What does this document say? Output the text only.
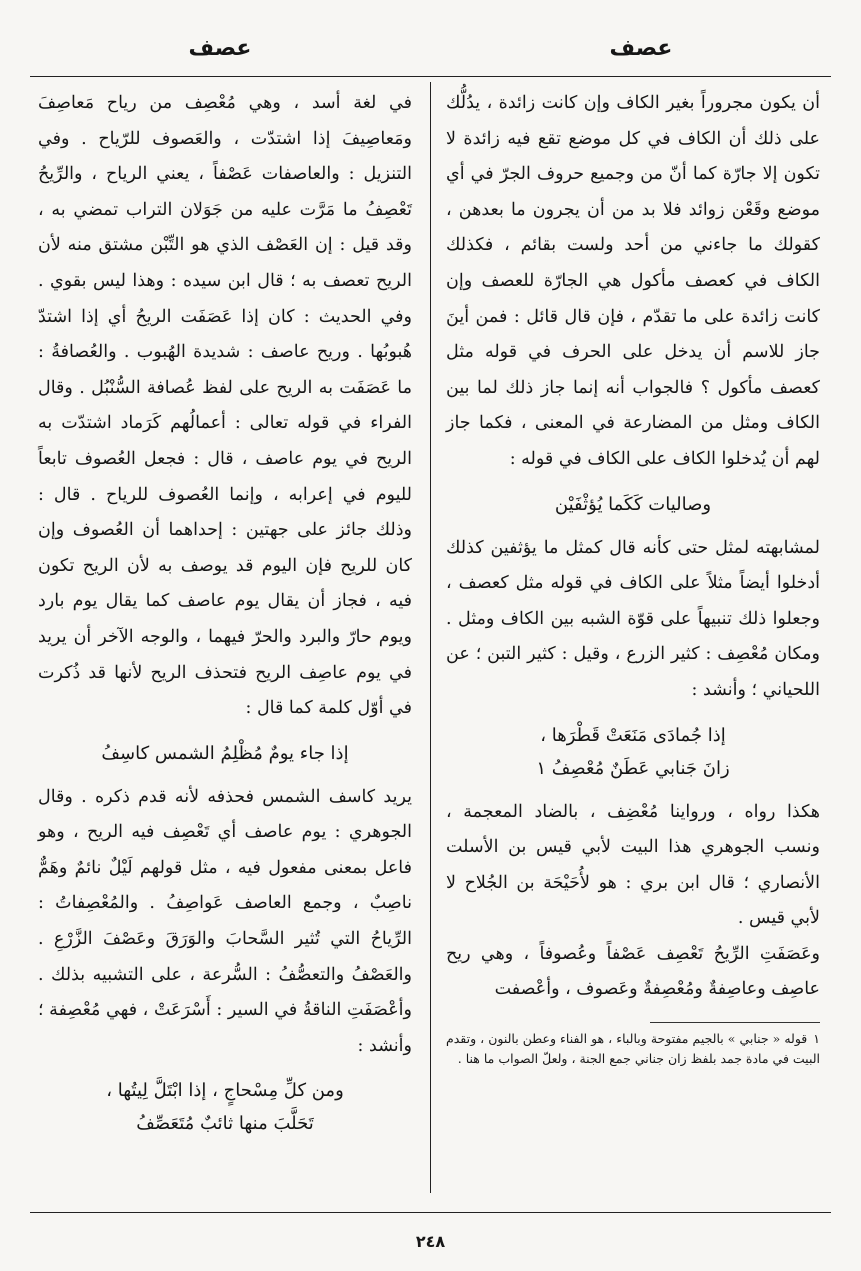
عصف
عصف

أن يكون مجروراً بغير الكاف وإن كانت زائدة ، يدُلُّك على ذلك أن الكاف في كل موضع تقع فيه زائدة لا تكون إلا جارّة كما أنّ من وجميع حروف الجرّ في أي موضع وقَعْن زوائد فلا بد من أن يجرون ما بعدهن ، كقولك ما جاءني من أحد ولست بقائم ، فكذلك الكاف في كعصف مأكول هي الجارّة للعصف وإن كانت زائدة على ما تقدّم ، فإن قال قائل : فمن أينَ جاز للاسم أن يدخل على الحرف في قوله مثل كعصف مأكول ؟ فالجواب أنه إنما جاز ذلك لما بين الكاف ومثل من المضارعة في المعنى ، فكما جاز لهم أن يُدخلوا الكاف على الكاف في قوله :

وصاليات كَكَما يُؤثْفَيْن

لمشابهته لمثل حتى كأنه قال كمثل ما يؤثفين كذلك أدخلوا أيضاً مثلاً على الكاف في قوله مثل كعصف ، وجعلوا ذلك تنبيهاً على قوّة الشبه بين الكاف ومثل . ومكان مُعْصِف : كثير الزرع ، وقيل : كثير التبن ؛ عن اللحياني ؛ وأنشد :

إذا جُمادَى مَنَعَتْ قَطْرَها ،
زانَ جَنابي عَطَنٌ مُعْصِفُ ١

هكذا رواه ، ورواينا مُعْضِف ، بالضاد المعجمة ، ونسب الجوهري هذا البيت لأبي قيس بن الأسلت الأنصاري ؛ قال ابن بري : هو لأُحَيْحَة بن الجُلاح لا لأبي قيس .

وعَصَفَتِ الرِّيحُ تَعْصِف عَصْفاً وعُصوفاً ، وهي ريح عاصِف وعاصِفةٌ ومُعْصِفةٌ وعَصوف ، وأعْصفت

١قوله « جنابي » بالجيم مفتوحة وبالباء ، هو الفناء وعطن بالنون ، وتقدم البيت في مادة جمد بلفظ زان جناني جمع الجنة ، ولعلّ الصواب ما هنا .

في لغة أسد ، وهي مُعْصِف من رياح مَعاصِفَ ومَعاصِيفَ إذا اشتدّت ، والعَصوف للرّياح . وفي التنزيل : والعاصفات عَصْفاً ، يعني الرياح ، والرِّيحُ تَعْصِفُ ما مَرَّت عليه من جَوَلان التراب تمضي به ، وقد قيل : إن العَصْف الذي هو التِّبْن مشتق منه لأن الريح تعصف به ؛ قال ابن سيده : وهذا ليس بقوي . وفي الحديث : كان إذا عَصَفَت الريحُ أي إذا اشتدّ هُبوبُها . وريح عاصف : شديدة الهُبوب . والعُصافةُ : ما عَصَفَت به الريح على لفظ عُصافة السُّنْبُل . وقال الفراء في قوله تعالى : أعمالُهم كَرَماد اشتدّت به الريح في يوم عاصف ، قال : فجعل العُصوف تابعاً لليوم في إعرابه ، وإنما العُصوف للرياح . قال : وذلك جائز على جهتين : إحداهما أن العُصوف وإن كان للريح فإن اليوم قد يوصف به لأن الريح تكون فيه ، فجاز أن يقال يوم عاصف كما يقال يوم بارد ويوم حارّ والبرد والحرّ فيهما ، والوجه الآخر أن يريد في يوم عاصِف الريح فتحذف الريح لأنها قد ذُكرت في أوّل كلمة كما قال :

إذا جاء يومٌ مُظْلِمُ الشمس كاسِفُ

يريد كاسف الشمس فحذفه لأنه قدم ذكره . وقال الجوهري : يوم عاصف أي تَعْصِف فيه الريح ، وهو فاعل بمعنى مفعول فيه ، مثل قولهم لَيْلٌ نائمٌ وهَمٌّ ناصِبٌ ، وجمع العاصف عَواصِفُ . والمُعْصِفاتُ : الرِّياحُ التي تُثير السَّحابَ والوَرَقَ وعَصْفَ الزَّرْعِ . والعَصْفُ والتعصُّفُ : السُّرعة ، على التشبيه بذلك . وأعْصَفَتِ الناقةُ في السير : أَسْرَعَتْ ، فهي مُعْصِفة ؛ وأنشد :

ومن كلِّ مِسْحاجٍ ، إذا ابْتَلَّ لِيتُها ،
تَحَلَّبَ منها ثائبٌ مُتَعَصِّفُ
٢٤٨
